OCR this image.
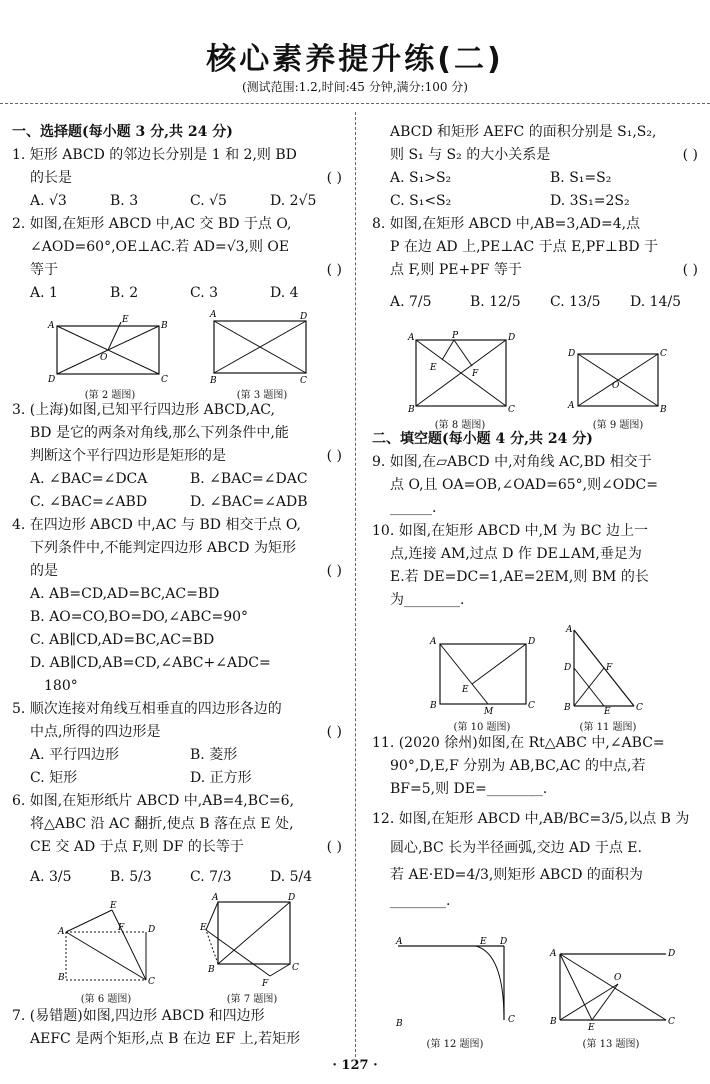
核心素养提升练(二)
(测试范围:1.2,时间:45 分钟,满分:100 分)

一、选择题(每小题 3 分,共 24 分)

1. 矩形 ABCD 的邻边长分别是 1 和 2,则 BD

的长是	( )

A. √3	B. 3	C. √5	D. 2√5

2. 如图,在矩形 ABCD 中,AC 交 BD 于点 O,

∠AOD=60°,OE⊥AC.若 AD=√3,则 OE

等于	( )

A. 1	B. 2	C. 3	D. 4

3. (上海)如图,已知平行四边形 ABCD,AC,

BD 是它的两条对角线,那么下列条件中,能

判断这个平行四边形是矩形的是	( )

A. ∠BAC=∠DCA	B. ∠BAC=∠DAC

C. ∠BAC=∠ABD	D. ∠BAC=∠ADB

4. 在四边形 ABCD 中,AC 与 BD 相交于点 O,

下列条件中,不能判定四边形 ABCD 为矩形

的是	( )

A. AB=CD,AD=BC,AC=BD

B. AO=CO,BO=DO,∠ABC=90°

C. AB∥CD,AD=BC,AC=BD

D. AB∥CD,AB=CD,∠ABC+∠ADC=

180°

5. 顺次连接对角线互相垂直的四边形各边的

中点,所得的四边形是	( )

A. 平行四边形	B. 菱形

C. 矩形	D. 正方形

6. 如图,在矩形纸片 ABCD 中,AB=4,BC=6,

将△ABC 沿 AC 翻折,使点 B 落在点 E 处,

CE 交 AD 于点 F,则 DF 的长等于	( )

A. 3/5	B. 5/3	C. 7/3	D. 5/4

7. (易错题)如图,四边形 ABCD 和四边形

AEFC 是两个矩形,点 B 在边 EF 上,若矩形

A	B
D	C
O
E
(第 2 题图)
A	D
B	C
(第 3 题图)
A	D
B	C
E
F
(第 6 题图)
A	D
E
B	C
F
(第 7 题图)

ABCD 和矩形 AEFC 的面积分别是 S₁,S₂,

则 S₁ 与 S₂ 的大小关系是	( )

A. S₁>S₂	B. S₁=S₂

C. S₁<S₂	D. 3S₁=2S₂

8. 如图,在矩形 ABCD 中,AB=3,AD=4,点

P 在边 AD 上,PE⊥AC 于点 E,PF⊥BD 于

点 F,则 PE+PF 等于	( )

A. 7/5	B. 12/5	C. 13/5	D. 14/5

二、填空题(每小题 4 分,共 24 分)

9. 如图,在▱ABCD 中,对角线 AC,BD 相交于

点 O,且 OA=OB,∠OAD=65°,则∠ODC=

______.

10. 如图,在矩形 ABCD 中,M 为 BC 边上一

点,连接 AM,过点 D 作 DE⊥AM,垂足为

E.若 DE=DC=1,AE=2EM,则 BM 的长

为________.

11. (2020 徐州)如图,在 Rt△ABC 中,∠ABC=

90°,D,E,F 分别为 AB,BC,AC 的中点,若

BF=5,则 DE=________.

12. 如图,在矩形 ABCD 中,AB/BC=3/5,以点 B 为

圆心,BC 长为半径画弧,交边 AD 于点 E.

若 AE·ED=4/3,则矩形 ABCD 的面积为

________.

A	D
B	C
P
E
F
(第 8 题图)
D	C
A	B
O
(第 9 题图)
A	D
B	C
E
M
(第 10 题图)
A
D
B	E	C
F
(第 11 题图)
A	E D
B	C
(第 12 题图)
A	D
B
E
C
O
(第 13 题图)
· 127 ·
